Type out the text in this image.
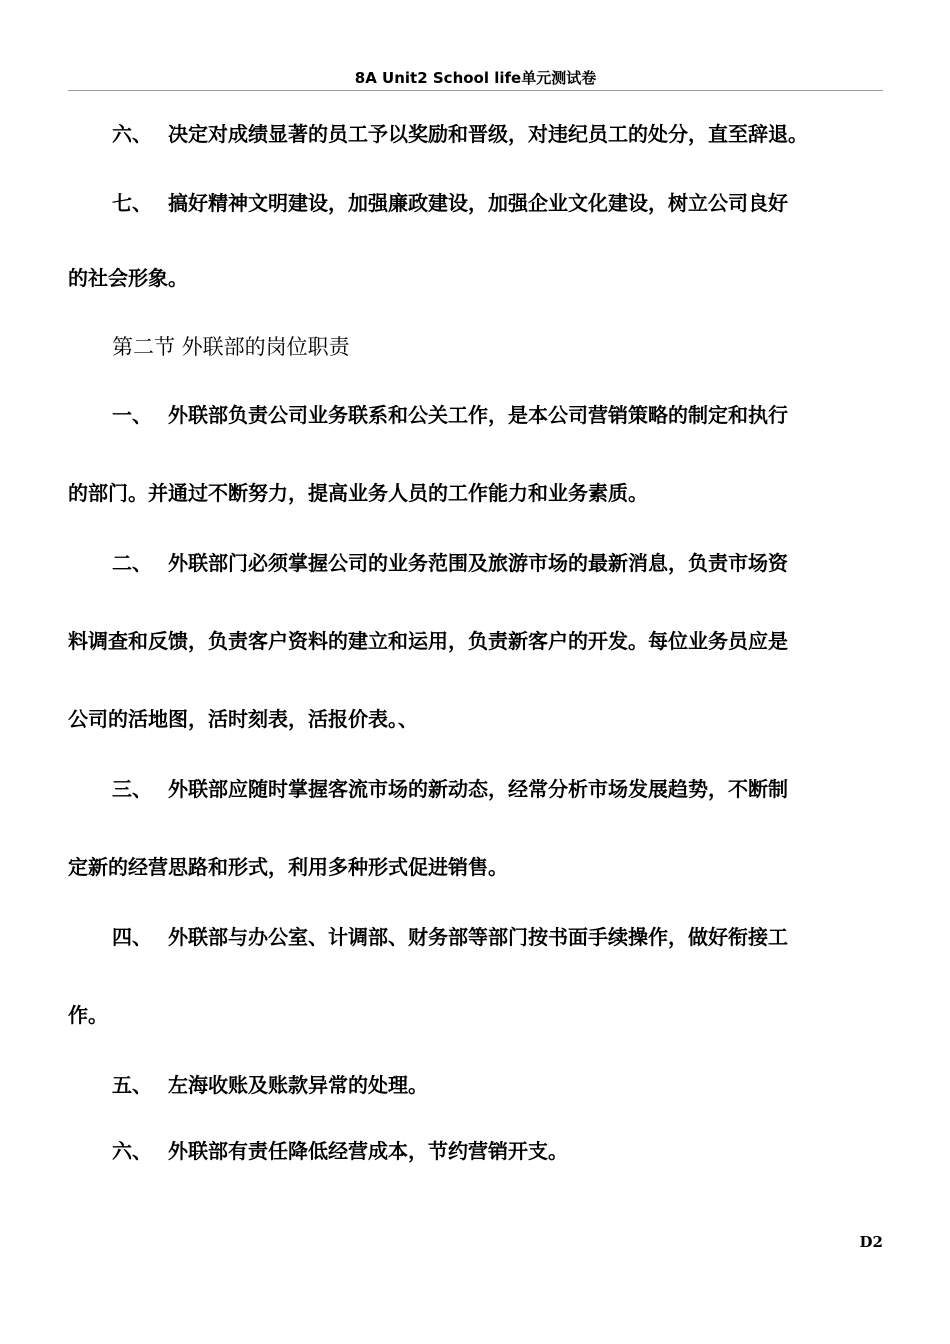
8A Unit2 School life单元测试卷
六、 决定对成绩显著的员工予以奖励和晋级，对违纪员工的处分，直至辞退。
七、 搞好精神文明建设，加强廉政建设，加强企业文化建设，树立公司良好
的社会形象。
第二节 外联部的岗位职责
一、 外联部负责公司业务联系和公关工作，是本公司营销策略的制定和执行
的部门。并通过不断努力，提高业务人员的工作能力和业务素质。
二、 外联部门必须掌握公司的业务范围及旅游市场的最新消息，负责市场资
料调查和反馈，负责客户资料的建立和运用，负责新客户的开发。每位业务员应是
公司的活地图，活时刻表，活报价表。、
三、 外联部应随时掌握客流市场的新动态，经常分析市场发展趋势，不断制
定新的经营思路和形式，利用多种形式促进销售。
四、 外联部与办公室、计调部、财务部等部门按书面手续操作，做好衔接工
作。
五、 左海收账及账款异常的处理。
六、 外联部有责任降低经营成本，节约营销开支。
D2
